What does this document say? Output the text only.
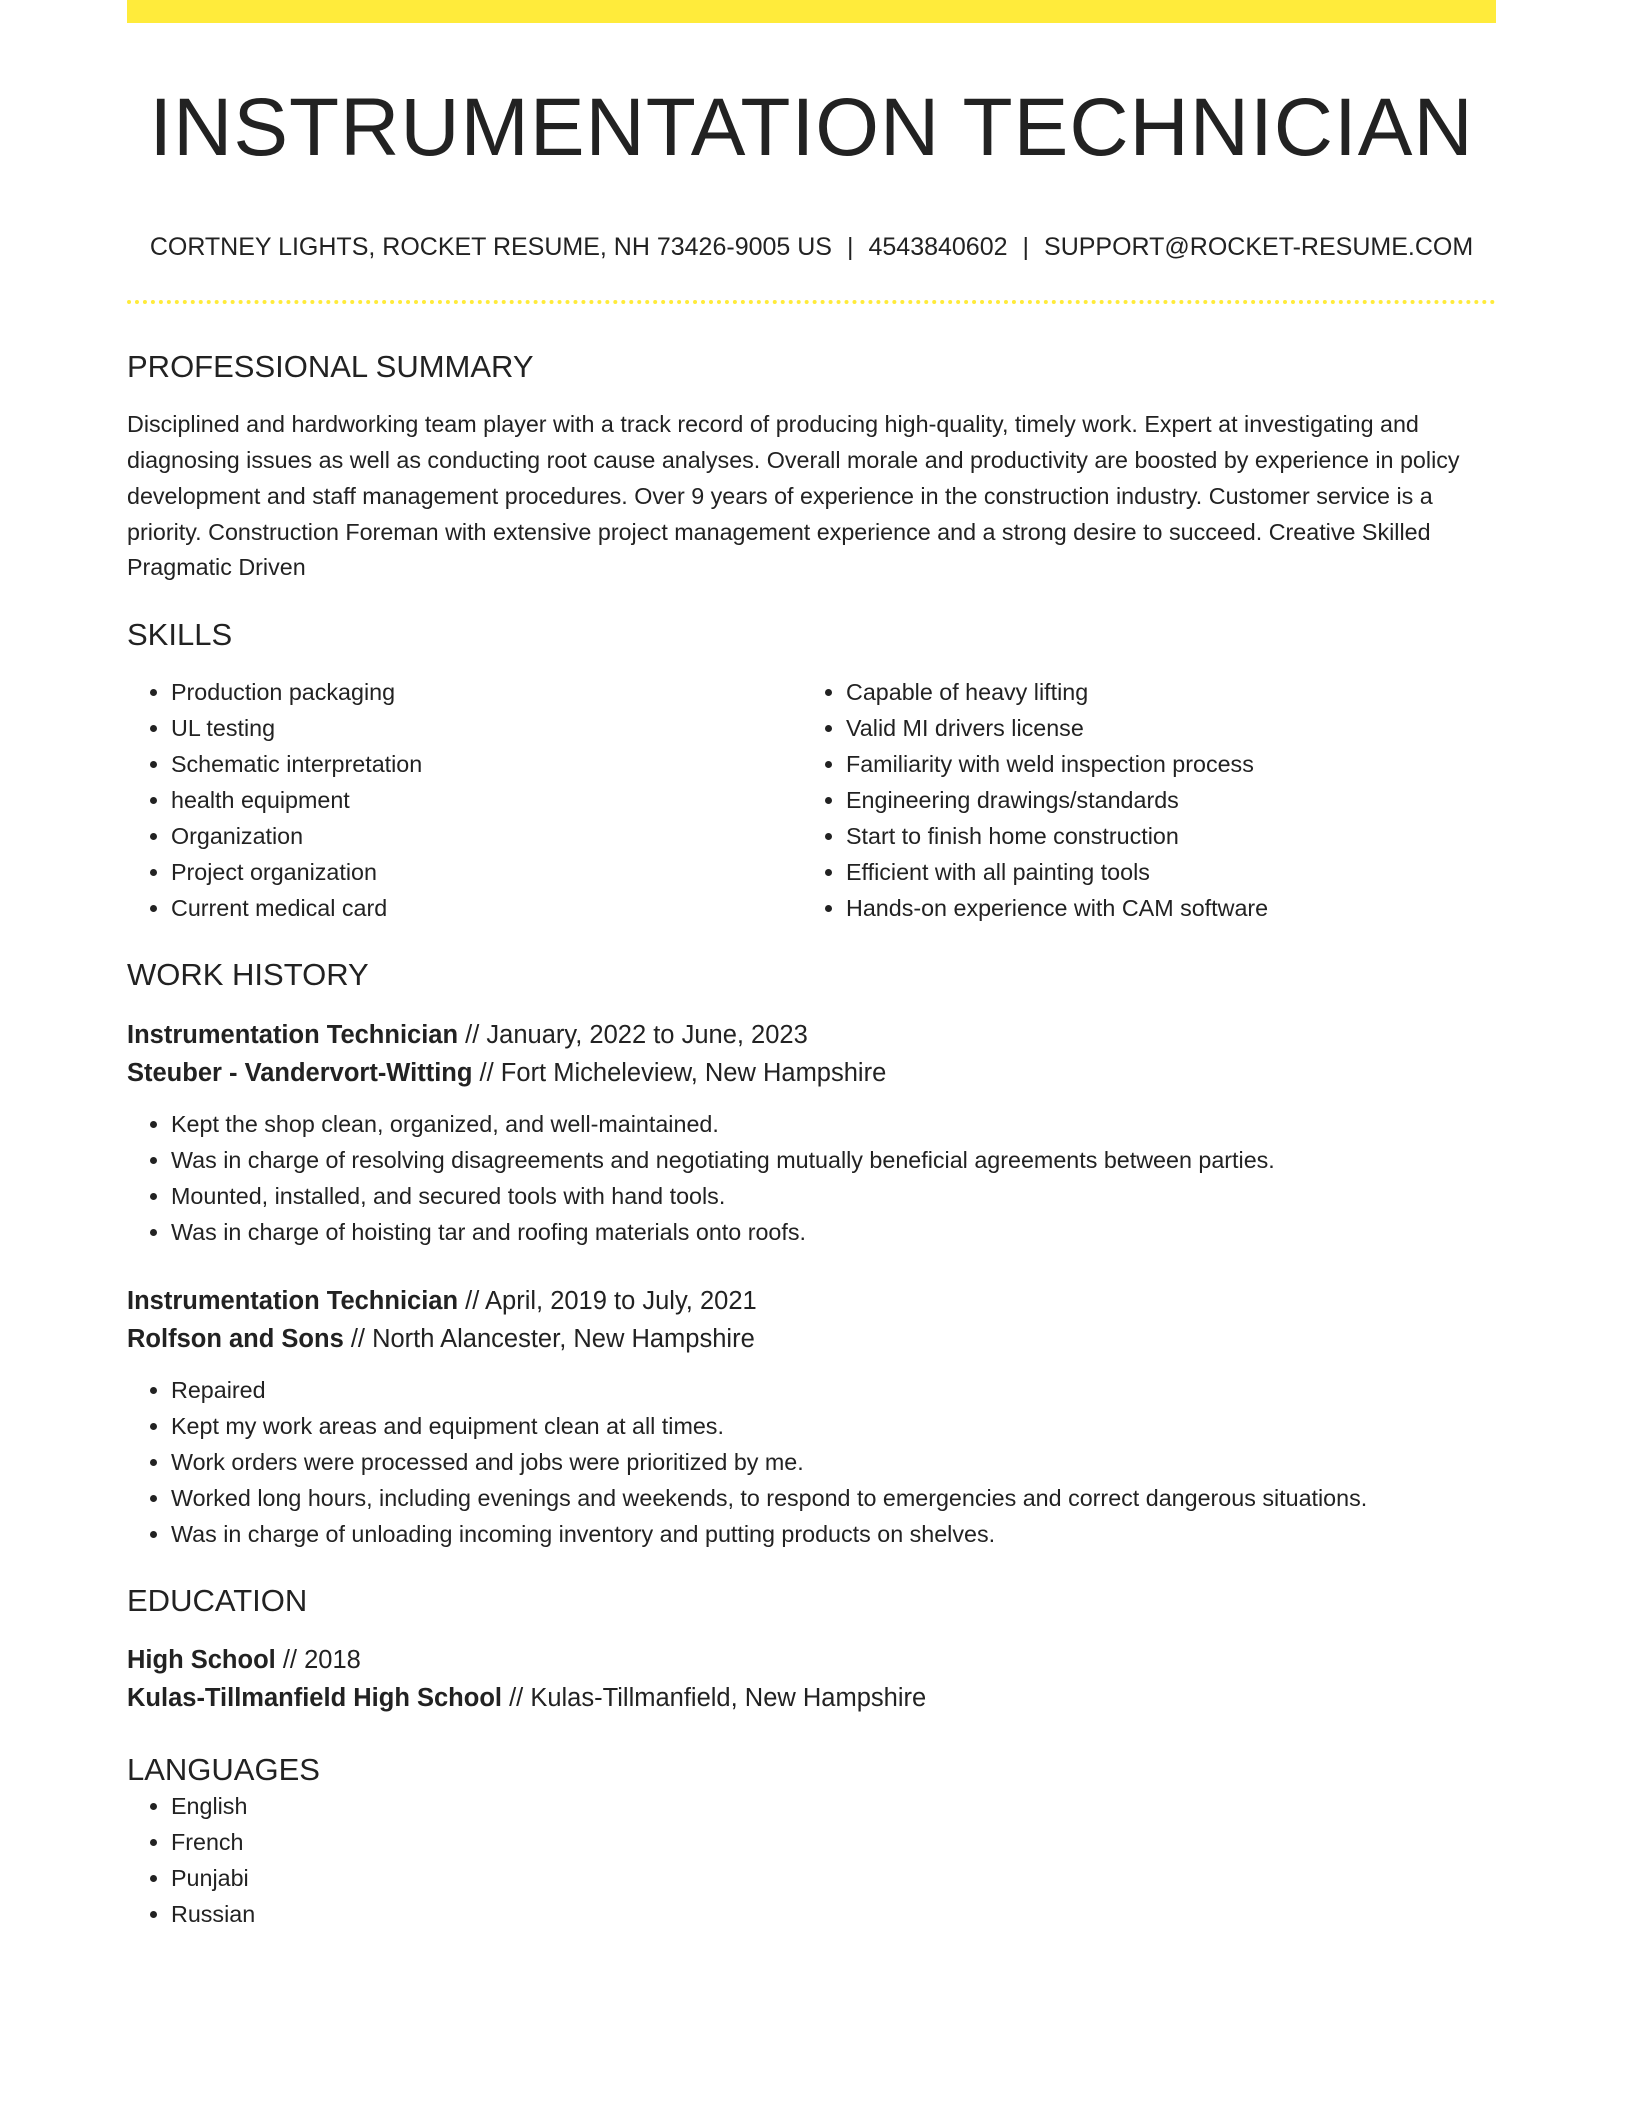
INSTRUMENTATION TECHNICIAN
CORTNEY LIGHTS, ROCKET RESUME, NH 73426-9005 US | 4543840602 | SUPPORT@ROCKET-RESUME.COM
PROFESSIONAL SUMMARY
Disciplined and hardworking team player with a track record of producing high-quality, timely work. Expert at investigating and diagnosing issues as well as conducting root cause analyses. Overall morale and productivity are boosted by experience in policy development and staff management procedures. Over 9 years of experience in the construction industry. Customer service is a priority. Construction Foreman with extensive project management experience and a strong desire to succeed. Creative Skilled Pragmatic Driven
SKILLS
• Production packaging
• UL testing
• Schematic interpretation
• health equipment
• Organization
• Project organization
• Current medical card
• Capable of heavy lifting
• Valid MI drivers license
• Familiarity with weld inspection process
• Engineering drawings/standards
• Start to finish home construction
• Efficient with all painting tools
• Hands-on experience with CAM software
WORK HISTORY
Instrumentation Technician // January, 2022 to June, 2023
Steuber - Vandervort-Witting // Fort Micheleview, New Hampshire
• Kept the shop clean, organized, and well-maintained.
• Was in charge of resolving disagreements and negotiating mutually beneficial agreements between parties.
• Mounted, installed, and secured tools with hand tools.
• Was in charge of hoisting tar and roofing materials onto roofs.
Instrumentation Technician // April, 2019 to July, 2021
Rolfson and Sons // North Alancester, New Hampshire
• Repaired
• Kept my work areas and equipment clean at all times.
• Work orders were processed and jobs were prioritized by me.
• Worked long hours, including evenings and weekends, to respond to emergencies and correct dangerous situations.
• Was in charge of unloading incoming inventory and putting products on shelves.
EDUCATION
High School // 2018
Kulas-Tillmanfield High School // Kulas-Tillmanfield, New Hampshire
LANGUAGES
• English
• French
• Punjabi
• Russian
